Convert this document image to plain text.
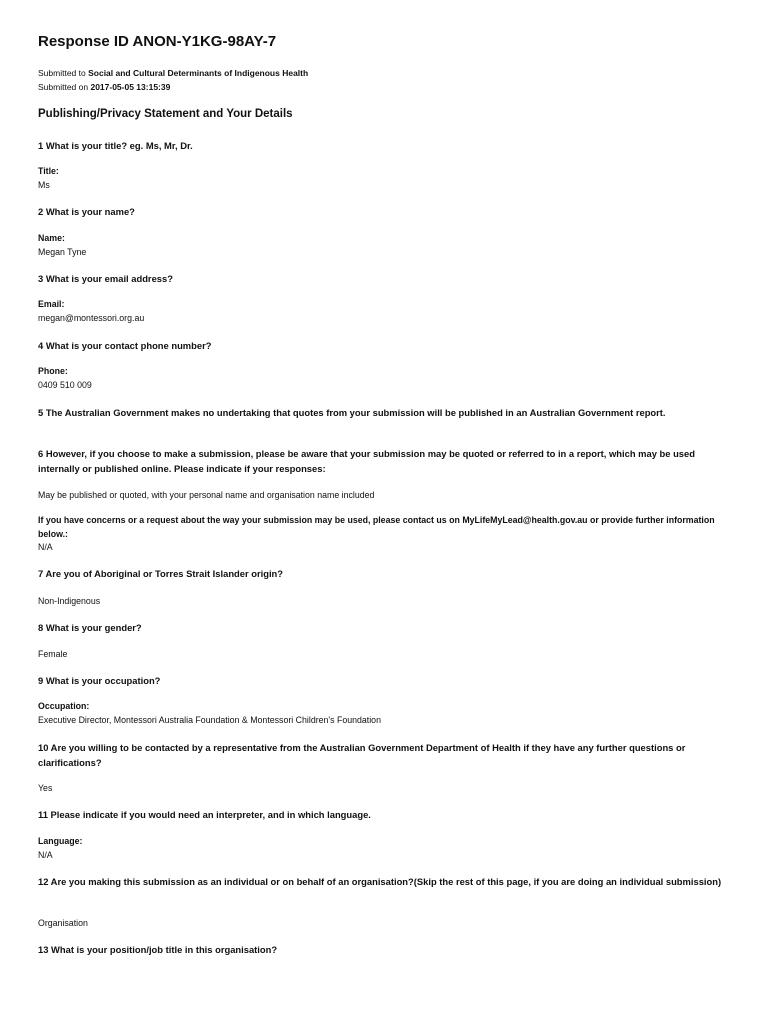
Response ID ANON-Y1KG-98AY-7
Submitted to Social and Cultural Determinants of Indigenous Health
Submitted on 2017-05-05 13:15:39
Publishing/Privacy Statement and Your Details
1 What is your title? eg. Ms, Mr, Dr.
Title:
Ms
2 What is your name?
Name:
Megan Tyne
3 What is your email address?
Email:
megan@montessori.org.au
4 What is your contact phone number?
Phone:
0409 510 009
5 The Australian Government makes no undertaking that quotes from your submission will be published in an Australian Government report.
6 However, if you choose to make a submission, please be aware that your submission may be quoted or referred to in a report, which may be used internally or published online. Please indicate if your responses:
May be published or quoted, with your personal name and organisation name included
If you have concerns or a request about the way your submission may be used, please contact us on MyLifeMyLead@health.gov.au or provide further information below.:
N/A
7 Are you of Aboriginal or Torres Strait Islander origin?
Non-Indigenous
8 What is your gender?
Female
9 What is your occupation?
Occupation:
Executive Director, Montessori Australia Foundation & Montessori Children's Foundation
10 Are you willing to be contacted by a representative from the Australian Government Department of Health if they have any further questions or clarifications?
Yes
11 Please indicate if you would need an interpreter, and in which language.
Language:
N/A
12 Are you making this submission as an individual or on behalf of an organisation?(Skip the rest of this page, if you are doing an individual submission)
Organisation
13 What is your position/job title in this organisation?
